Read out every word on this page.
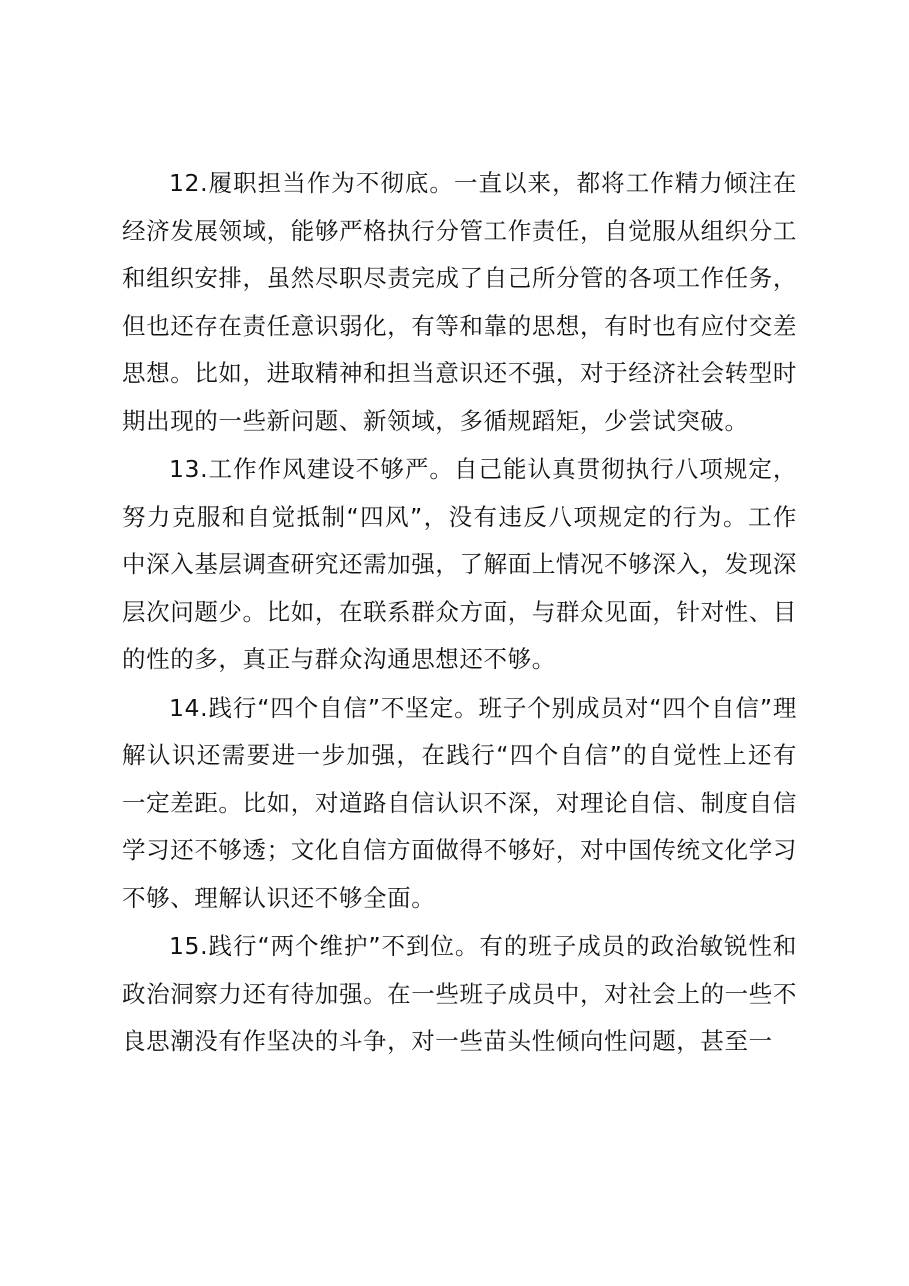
12.履职担当作为不彻底。一直以来，都将工作精力倾注在经济发展领域，能够严格执行分管工作责任，自觉服从组织分工和组织安排，虽然尽职尽责完成了自己所分管的各项工作任务，但也还存在责任意识弱化，有等和靠的思想，有时也有应付交差思想。比如，进取精神和担当意识还不强，对于经济社会转型时期出现的一些新问题、新领域，多循规蹈矩，少尝试突破。

13.工作作风建设不够严。自己能认真贯彻执行八项规定，努力克服和自觉抵制“四风”，没有违反八项规定的行为。工作中深入基层调查研究还需加强，了解面上情况不够深入，发现深层次问题少。比如，在联系群众方面，与群众见面，针对性、目的性的多，真正与群众沟通思想还不够。

14.践行“四个自信”不坚定。班子个别成员对“四个自信”理解认识还需要进一步加强，在践行“四个自信”的自觉性上还有一定差距。比如，对道路自信认识不深，对理论自信、制度自信学习还不够透；文化自信方面做得不够好，对中国传统文化学习不够、理解认识还不够全面。

15.践行“两个维护”不到位。有的班子成员的政治敏锐性和政治洞察力还有待加强。在一些班子成员中，对社会上的一些不良思潮没有作坚决的斗争，对一些苗头性倾向性问题，甚至一
